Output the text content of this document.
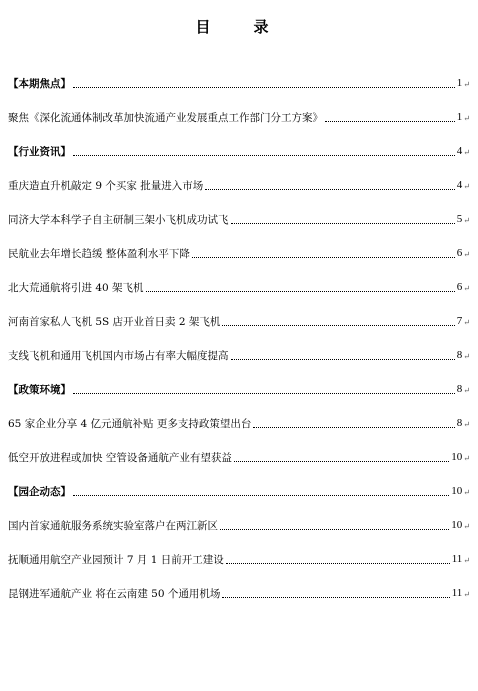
目　录
【本期焦点】	1 ↵
聚焦《深化流通体制改革加快流通产业发展重点工作部门分工方案》	1 ↵
【行业资讯】	4 ↵
重庆造直升机敲定 9 个买家 批量进入市场	4 ↵
同济大学本科学子自主研制三架小飞机成功试飞	5 ↵
民航业去年增长趋缓 整体盈利水平下降	6 ↵
北大荒通航将引进 40 架飞机	6 ↵
河南首家私人飞机 5S 店开业首日卖 2 架飞机	7 ↵
支线飞机和通用飞机国内市场占有率大幅度提高	8 ↵
【政策环境】	8 ↵
65 家企业分享 4 亿元通航补贴 更多支持政策望出台	8 ↵
低空开放进程或加快 空管设备通航产业有望获益	10 ↵
【园企动态】	10 ↵
国内首家通航服务系统实验室落户在两江新区	10 ↵
抚顺通用航空产业园预计 7 月 1 日前开工建设	11 ↵
昆钢进军通航产业 将在云南建 50 个通用机场	11 ↵
